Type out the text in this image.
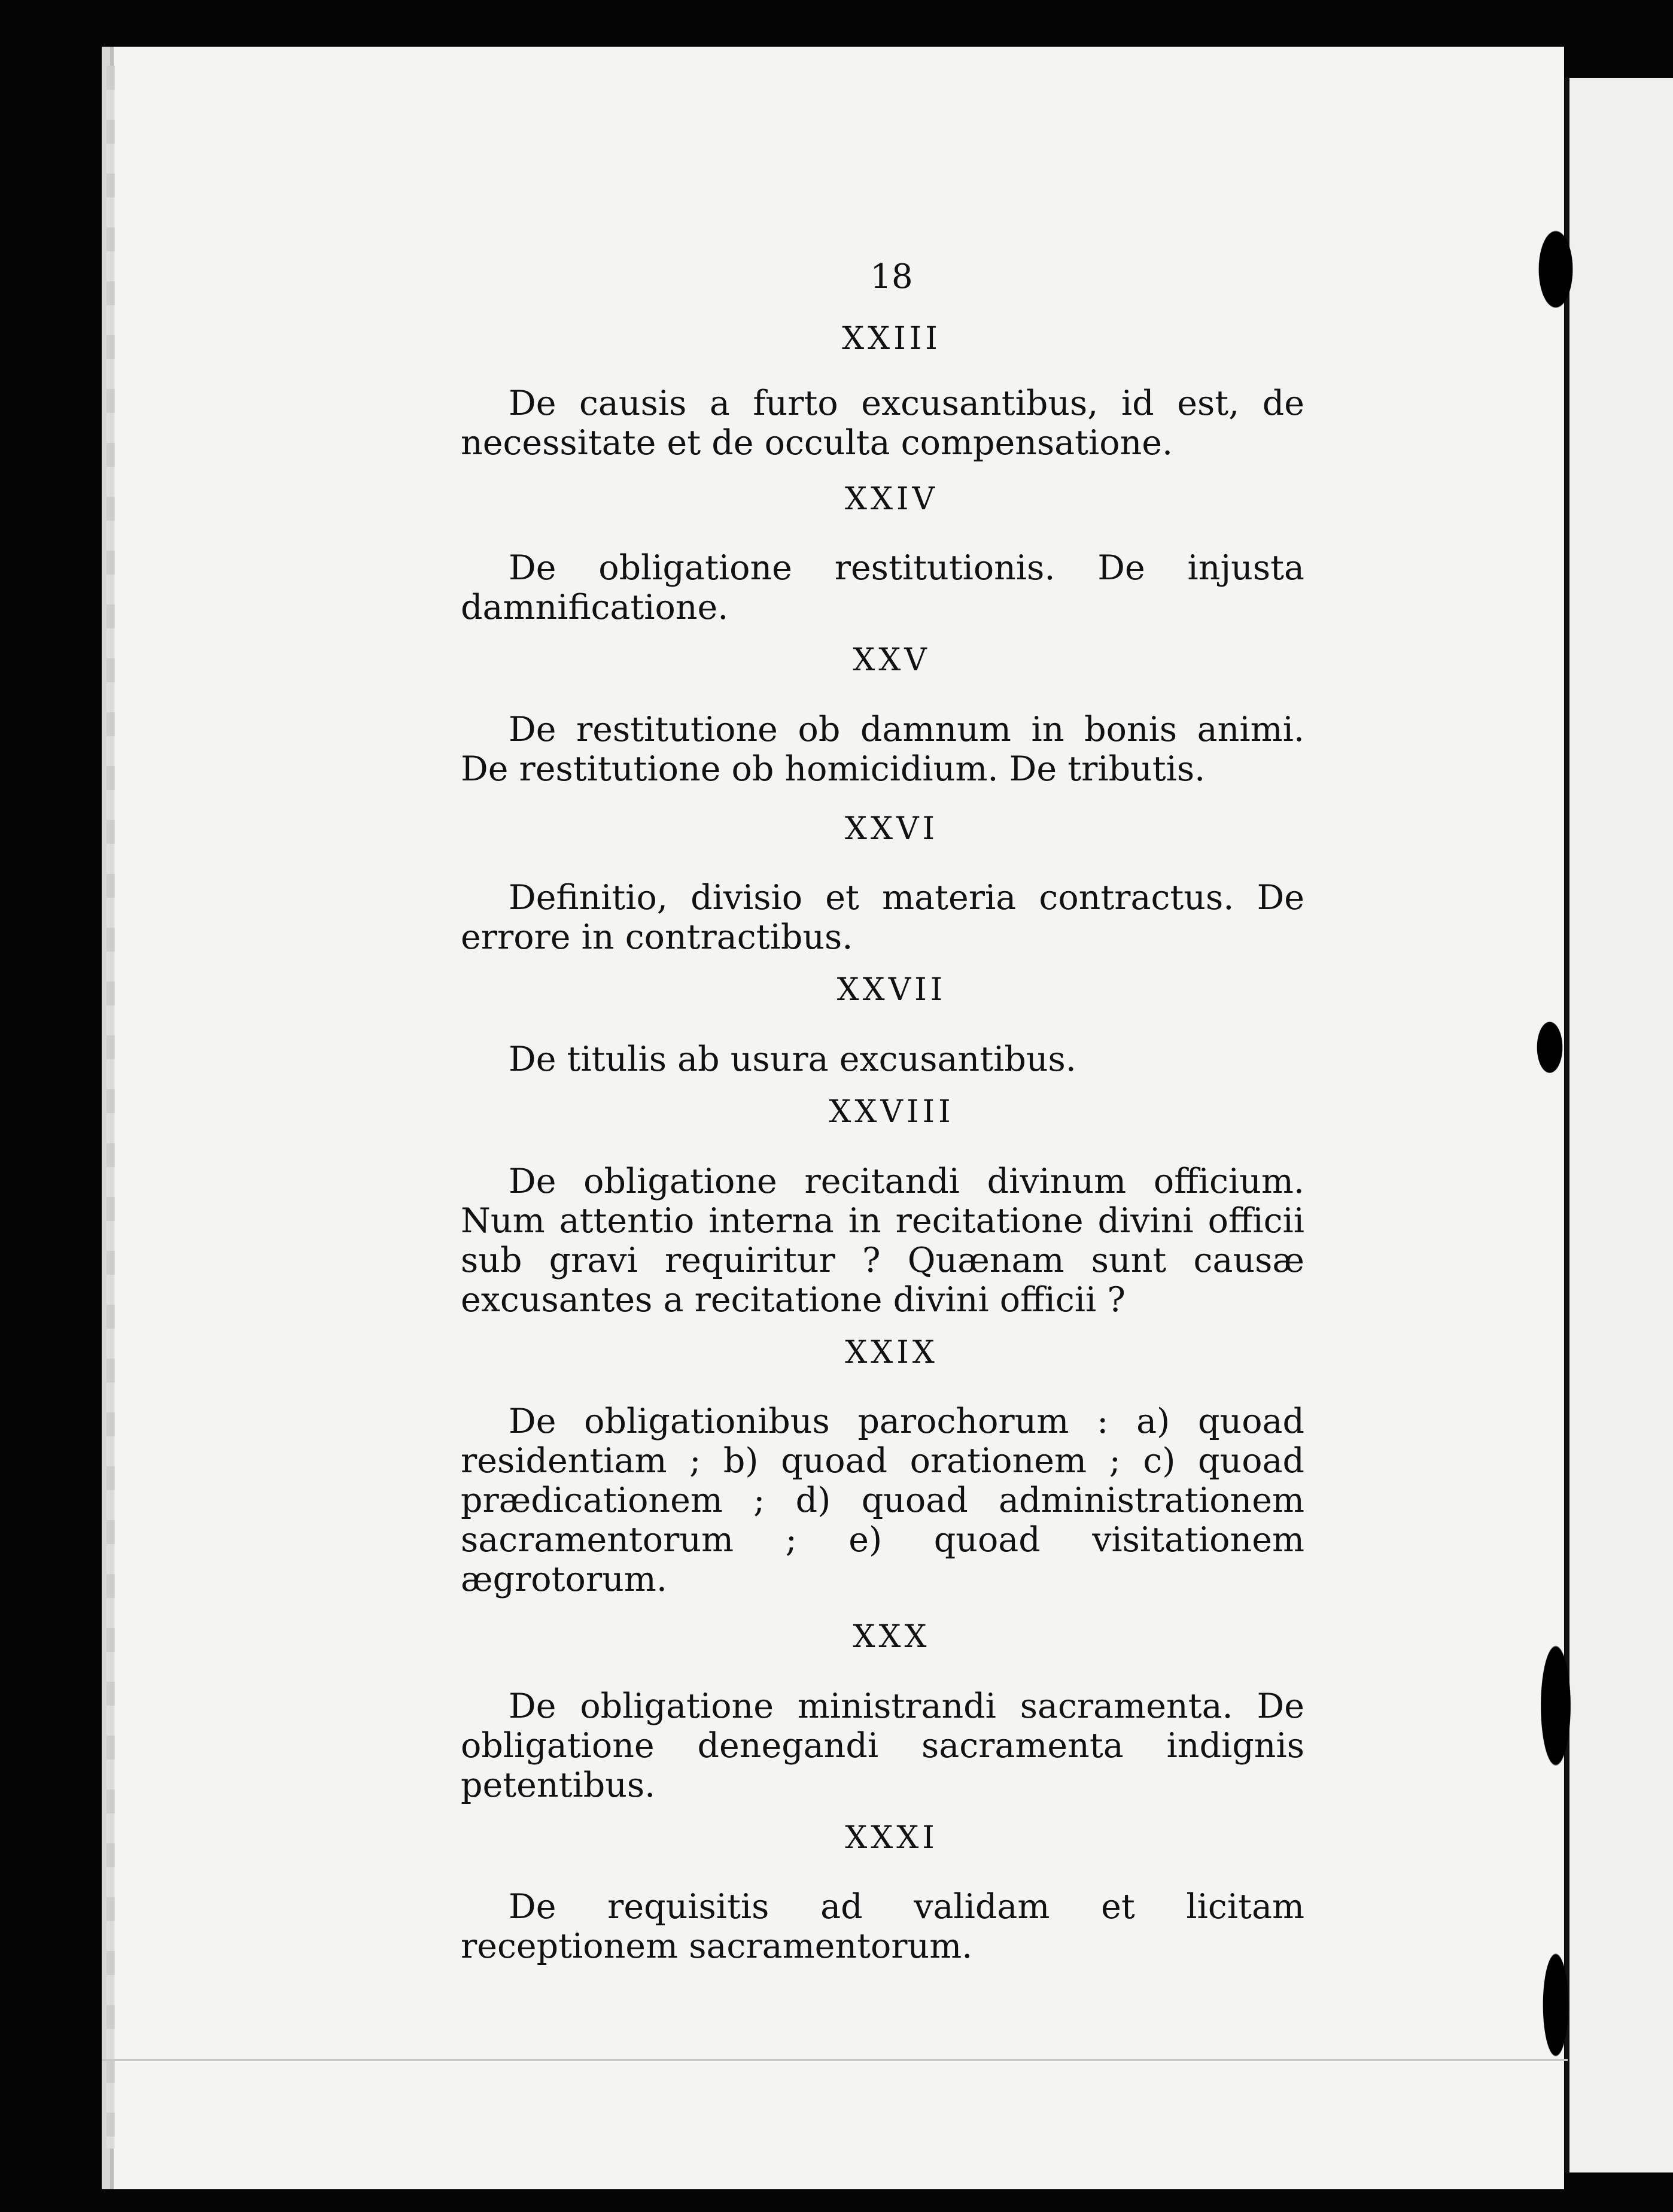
18

XXIII

De causis a furto excusantibus, id est, de necessitate et de occulta compensatione.

XXIV

De obligatione restitutionis. De injusta damnificatione.

XXV

De restitutione ob damnum in bonis animi. De restitutione ob homicidium. De tributis.

XXVI

Definitio, divisio et materia contractus. De errore in contractibus.

XXVII

De titulis ab usura excusantibus.

XXVIII

De obligatione recitandi divinum officium. Num attentio interna in recitatione divini officii sub gravi requiritur ? Quænam sunt causæ excusantes a recitatione divini officii ?

XXIX

De obligationibus parochorum : a) quoad residentiam ; b) quoad orationem ; c) quoad prædicationem ; d) quoad administrationem sacramentorum ; e) quoad visitationem ægrotorum.

XXX

De obligatione ministrandi sacramenta. De obligatione denegandi sacramenta indignis petentibus.

XXXI

De requisitis ad validam et licitam receptionem sacramentorum.
